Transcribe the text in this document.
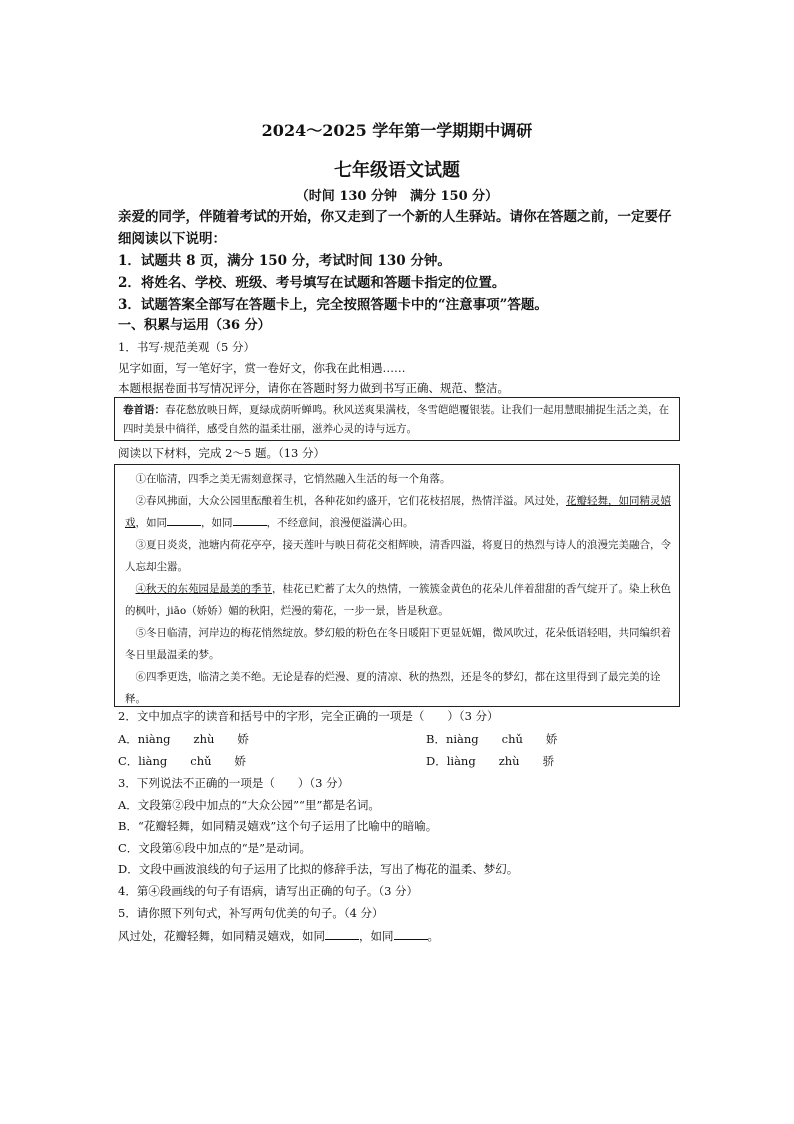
2024～2025 学年第一学期期中调研
七年级语文试题
（时间 130 分钟　满分 150 分）
亲爱的同学，伴随着考试的开始，你又走到了一个新的人生驿站。请你在答题之前，一定要仔细阅读以下说明：
1．试题共 8 页，满分 150 分，考试时间 130 分钟。
2．将姓名、学校、班级、考号填写在试题和答题卡指定的位置。
3．试题答案全部写在答题卡上，完全按照答题卡中的“注意事项”答题。
一、积累与运用（36 分）
1．书写·规范美观（5 分）
见字如面，写一笔好字，赏一卷好文，你我在此相遇……
本题根据卷面书写情况评分，请你在答题时努力做到书写正确、规范、整洁。
卷首语：春花愁放映日辉，夏绿成荫听蝉鸣。秋风送爽果满枝，冬雪皑皑覆银装。让我们一起用慧眼捕捉生活之美，在四时美景中徜徉，感受自然的温柔壮丽，滋养心灵的诗与远方。
阅读以下材料，完成 2～5 题。（13 分）
①在临清，四季之美无需刻意探寻，它悄然融入生活的每一个角落。
②春风拂面，大众公园里酝酿着生机，各种花如约盛开，它们花枝招展，热情洋溢。风过处，花瓣轻舞，如同精灵嬉戏，如同	，如同	，不经意间，浪漫便溢满心田。
③夏日炎炎，池塘内荷花亭亭，接天莲叶与映日荷花交相辉映，清香四溢，将夏日的热烈与诗人的浪漫完美融合，令人忘却尘嚣。
④秋天的东苑园是最美的季节，桂花已贮蓄了太久的热情，一簇簇金黄色的花朵儿伴着甜甜的香气绽开了。染上秋色的枫叶，jiāo（娇娇）媚的秋阳，烂漫的菊花，一步一景，皆是秋意。
⑤冬日临清，河岸边的梅花悄然绽放。梦幻般的粉色在冬日暖阳下更显妩媚，微风吹过，花朵低语轻唱，共同编织着冬日里最温柔的梦。
⑥四季更迭，临清之美不绝。无论是春的烂漫、夏的清凉、秋的热烈，还是冬的梦幻，都在这里得到了最完美的诠释。
2．文中加点字的读音和括号中的字形，完全正确的一项是（　　）（3 分）
A．niàng　　zhù　　娇	B．niàng　　chǔ　　娇
C．liàng　　chǔ　　娇	D．liàng　　zhù　　骄
3．下列说法不正确的一项是（　　）（3 分）
A．文段第②段中加点的“大众公园”“里”都是名词。
B．“花瓣轻舞，如同精灵嬉戏”这个句子运用了比喻中的暗喻。
C．文段第⑥段中加点的“是”是动词。
D．文段中画波浪线的句子运用了比拟的修辞手法，写出了梅花的温柔、梦幻。
4．第④段画线的句子有语病，请写出正确的句子。（3 分）
5．请你照下列句式，补写两句优美的句子。（4 分）
风过处，花瓣轻舞，如同精灵嬉戏，如同	，如同	。
